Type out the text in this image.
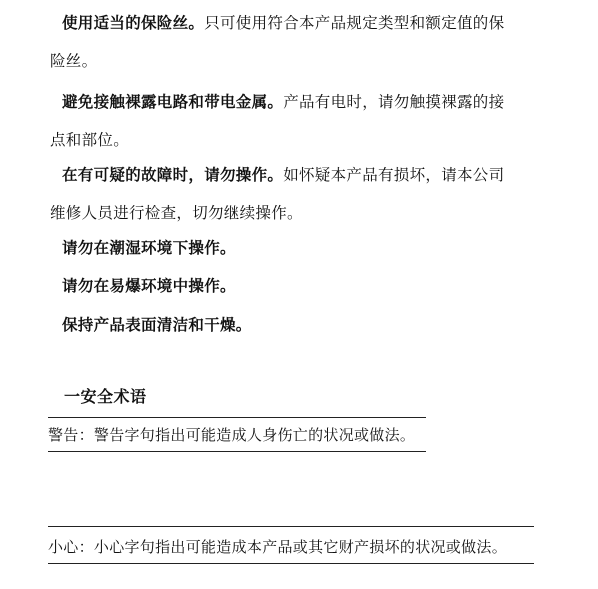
使用适当的保险丝。只可使用符合本产品规定类型和额定值的保
险丝。
避免接触裸露电路和带电金属。产品有电时，请勿触摸裸露的接
点和部位。
在有可疑的故障时，请勿操作。如怀疑本产品有损坏，请本公司
维修人员进行检查，切勿继续操作。
请勿在潮湿环境下操作。
请勿在易爆环境中操作。
保持产品表面清洁和干燥。
一安全术语
警告：警告字句指出可能造成人身伤亡的状况或做法。
小心：小心字句指出可能造成本产品或其它财产损坏的状况或做法。
